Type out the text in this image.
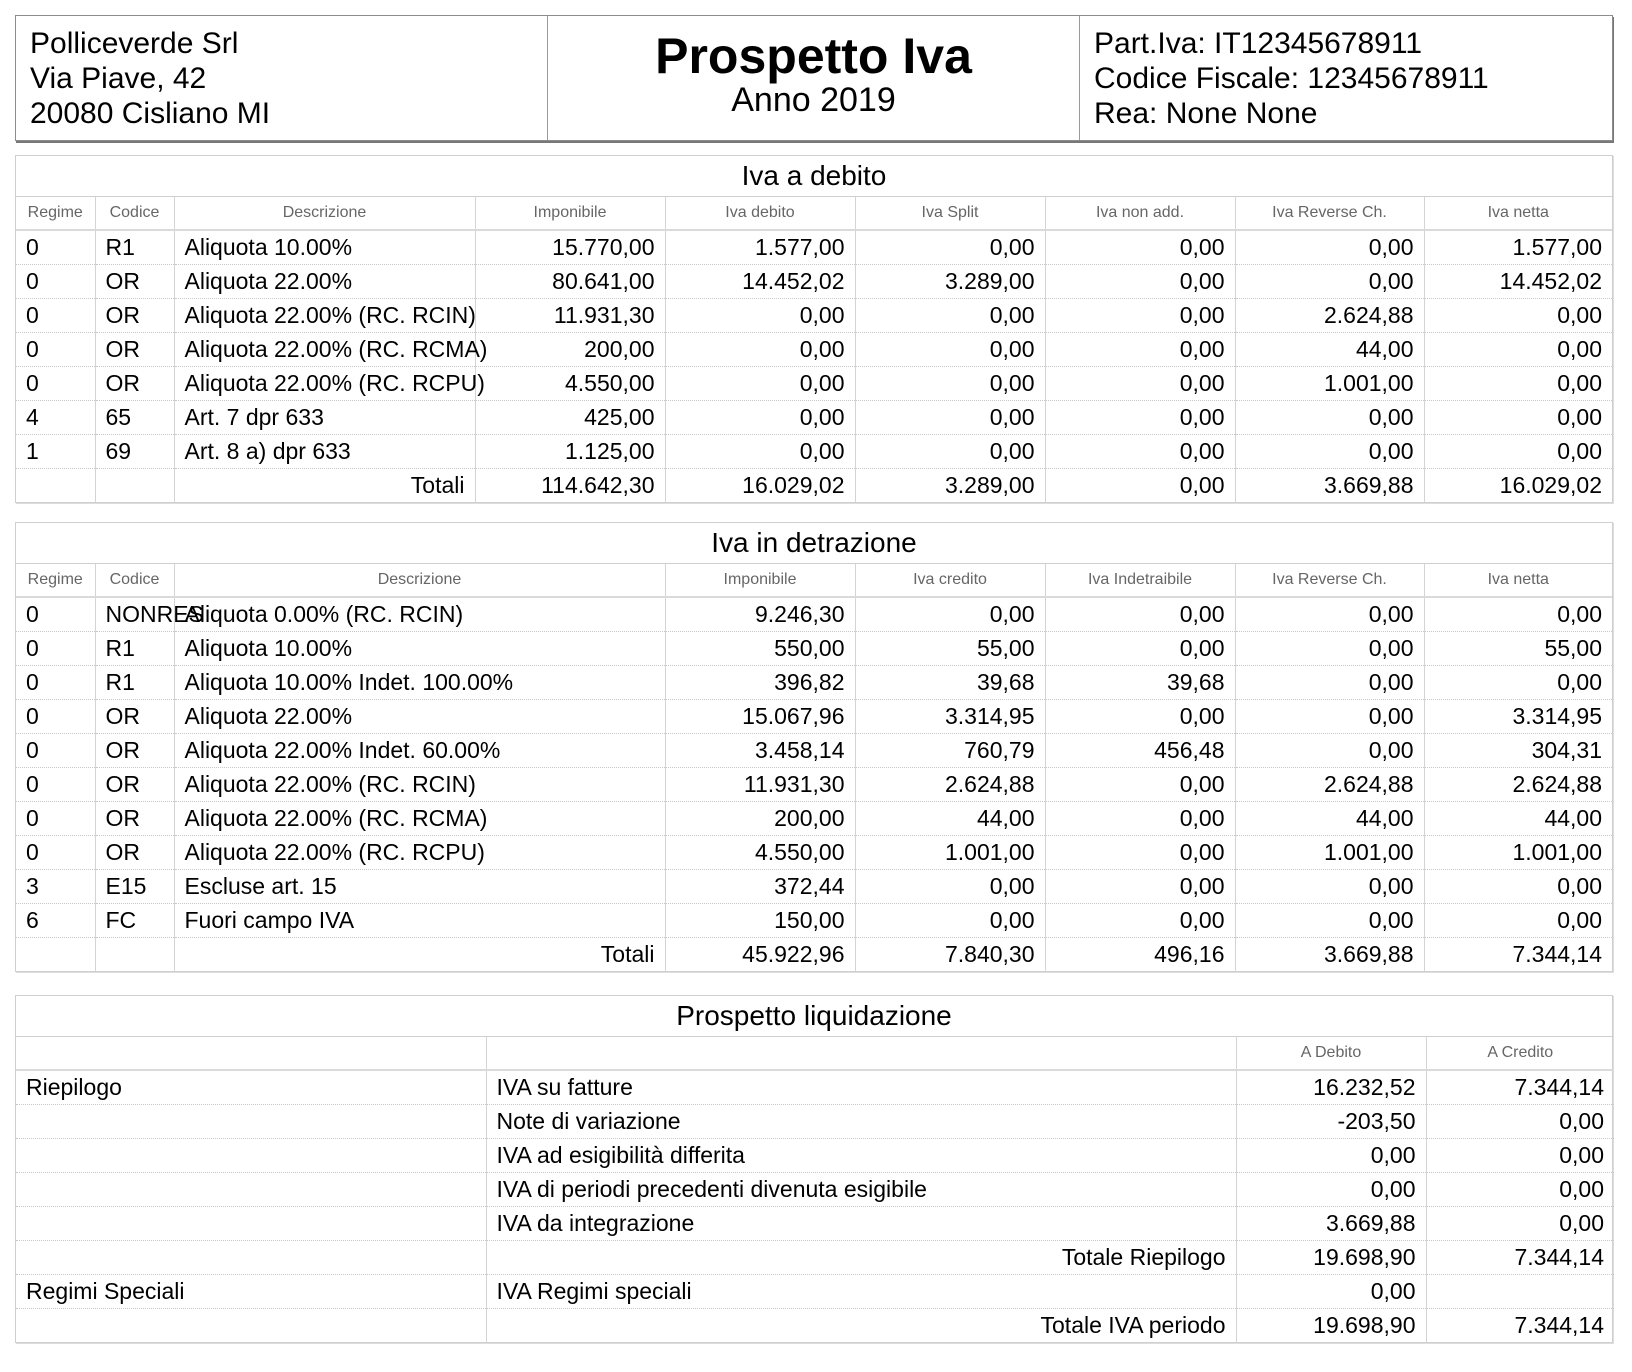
Polliceverde Srl
Via Piave, 42
20080 Cisliano MI
Prospetto Iva
Anno 2019
Part.Iva: IT12345678911
Codice Fiscale: 12345678911
Rea: None None
Iva a debito
Regime	Codice	Descrizione	Imponibile	Iva debito	Iva Split	Iva non add.	Iva Reverse Ch.	Iva netta
0	R1	Aliquota 10.00%	15.770,00	1.577,00	0,00	0,00	0,00	1.577,00
0	OR	Aliquota 22.00%	80.641,00	14.452,02	3.289,00	0,00	0,00	14.452,02
0	OR	Aliquota 22.00% (RC. RCIN)	11.931,30	0,00	0,00	0,00	2.624,88	0,00
0	OR	Aliquota 22.00% (RC. RCMA)	200,00	0,00	0,00	0,00	44,00	0,00
0	OR	Aliquota 22.00% (RC. RCPU)	4.550,00	0,00	0,00	0,00	1.001,00	0,00
4	65	Art. 7 dpr 633	425,00	0,00	0,00	0,00	0,00	0,00
1	69	Art. 8 a) dpr 633	1.125,00	0,00	0,00	0,00	0,00	0,00
		Totali	114.642,30	16.029,02	3.289,00	0,00	3.669,88	16.029,02
Iva in detrazione
Regime	Codice	Descrizione	Imponibile	Iva credito	Iva Indetraibile	Iva Reverse Ch.	Iva netta
0	NONRES	Aliquota 0.00% (RC. RCIN)	9.246,30	0,00	0,00	0,00	0,00
0	R1	Aliquota 10.00%	550,00	55,00	0,00	0,00	55,00
0	R1	Aliquota 10.00% Indet. 100.00%	396,82	39,68	39,68	0,00	0,00
0	OR	Aliquota 22.00%	15.067,96	3.314,95	0,00	0,00	3.314,95
0	OR	Aliquota 22.00% Indet. 60.00%	3.458,14	760,79	456,48	0,00	304,31
0	OR	Aliquota 22.00% (RC. RCIN)	11.931,30	2.624,88	0,00	2.624,88	2.624,88
0	OR	Aliquota 22.00% (RC. RCMA)	200,00	44,00	0,00	44,00	44,00
0	OR	Aliquota 22.00% (RC. RCPU)	4.550,00	1.001,00	0,00	1.001,00	1.001,00
3	E15	Escluse art. 15	372,44	0,00	0,00	0,00	0,00
6	FC	Fuori campo IVA	150,00	0,00	0,00	0,00	0,00
		Totali	45.922,96	7.840,30	496,16	3.669,88	7.344,14
Prospetto liquidazione
		A Debito	A Credito
Riepilogo	IVA su fatture	16.232,52	7.344,14
	Note di variazione	-203,50	0,00
	IVA ad esigibilità differita	0,00	0,00
	IVA di periodi precedenti divenuta esigibile	0,00	0,00
	IVA da integrazione	3.669,88	0,00
	Totale Riepilogo	19.698,90	7.344,14
Regimi Speciali	IVA Regimi speciali	0,00	
	Totale IVA periodo	19.698,90	7.344,14
